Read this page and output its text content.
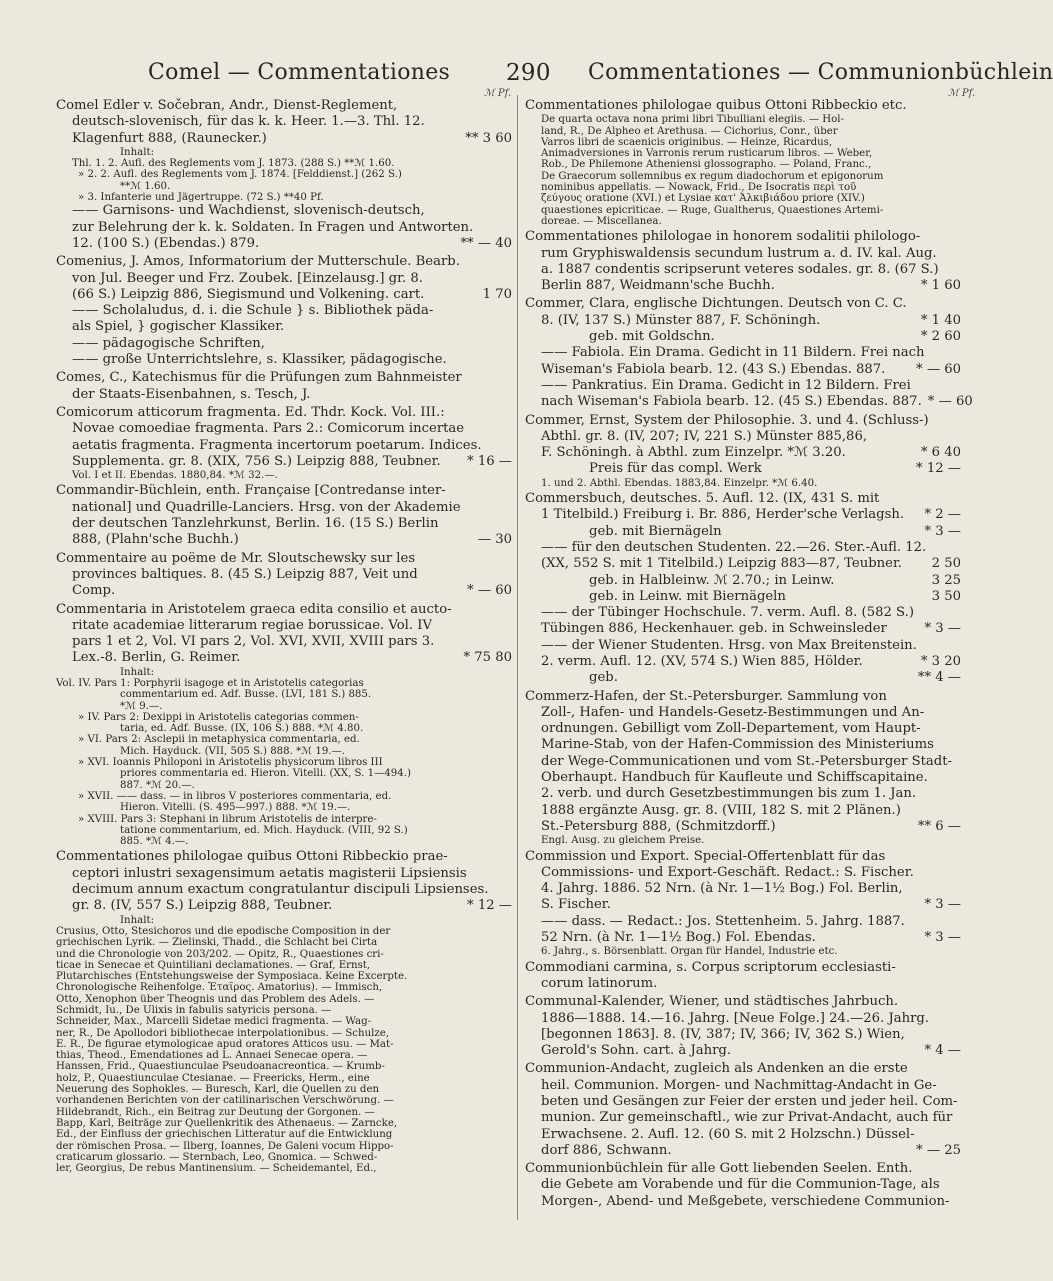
Comel — Commentationes 290 Commentationes — Communionbüchlein
ℳ Pf.	ℳ Pf.
Comel Edler v. Sočebran, Andr., Dienst-Reglement,
deutsch-slovenisch, für das k. k. Heer. 1.—3. Thl. 12.
Klagenfurt 888, (Raunecker.)	** 3 60
Inhalt:
Thl. 1. 2. Aufl. des Reglements vom J. 1873. (288 S.) **ℳ 1.60.
» 2. 2. Aufl. des Reglements vom J. 1874. [Felddienst.] (262 S.)
**ℳ 1.60.
» 3. Infanterie und Jägertruppe. (72 S.) **40 Pf.
—— Garnisons- und Wachdienst, slovenisch-deutsch,
zur Belehrung der k. k. Soldaten. In Fragen und Antworten.
12. (100 S.) (Ebendas.) 879.	** — 40
Comenius, J. Amos, Informatorium der Mutterschule. Bearb.
von Jul. Beeger und Frz. Zoubek. [Einzelausg.] gr. 8.
(66 S.) Leipzig 886, Siegismund und Volkening. cart.	1 70
—— Scholaludus, d. i. die Schule } s. Bibliothek päda-
als Spiel, } gogischer Klassiker.
—— pädagogische Schriften,
—— große Unterrichtslehre, s. Klassiker, pädagogische.
Comes, C., Katechismus für die Prüfungen zum Bahnmeister
der Staats-Eisenbahnen, s. Tesch, J.
Comicorum atticorum fragmenta. Ed. Thdr. Kock. Vol. III.:
Novae comoediae fragmenta. Pars 2.: Comicorum incertae
aetatis fragmenta. Fragmenta incertorum poetarum. Indices.
Supplementa. gr. 8. (XIX, 756 S.) Leipzig 888, Teubner.	* 16 —
Vol. I et II. Ebendas. 1880,84. *ℳ 32.—.
Commandir-Büchlein, enth. Française [Contredanse inter-
national] und Quadrille-Lanciers. Hrsg. von der Akademie
der deutschen Tanzlehrkunst, Berlin. 16. (15 S.) Berlin
888, (Plahn'sche Buchh.)	— 30
Commentaire au poëme de Mr. Sloutschewsky sur les
provinces baltiques. 8. (45 S.) Leipzig 887, Veit und
Comp.	* — 60
Commentaria in Aristotelem graeca edita consilio et aucto-
ritate academiae litterarum regiae borussicae. Vol. IV
pars 1 et 2, Vol. VI pars 2, Vol. XVI, XVII, XVIII pars 3.
Lex.-8. Berlin, G. Reimer.	* 75 80
Inhalt:
Vol. IV. Pars 1: Porphyrii isagoge et in Aristotelis categorias
commentarium ed. Adf. Busse. (LVI, 181 S.) 885.
*ℳ 9.—.
» IV. Pars 2: Dexippi in Aristotelis categorias commen-
taria, ed. Adf. Busse. (IX, 106 S.) 888. *ℳ 4.80.
» VI. Pars 2: Asclepii in metaphysica commentaria, ed.
Mich. Hayduck. (VII, 505 S.) 888. *ℳ 19.—.
» XVI. Ioannis Philoponi in Aristotelis physicorum libros III
priores commentaria ed. Hieron. Vitelli. (XX, S. 1—494.)
887. *ℳ 20.—.
» XVII. —— dass. — in libros V posteriores commentaria, ed.
Hieron. Vitelli. (S. 495—997.) 888. *ℳ 19.—.
» XVIII. Pars 3: Stephani in librum Aristotelis de interpre-
tatione commentarium, ed. Mich. Hayduck. (VIII, 92 S.)
885. *ℳ 4.—.
Commentationes philologae quibus Ottoni Ribbeckio prae-
ceptori inlustri sexagensimum aetatis magisterii Lipsiensis
decimum annum exactum congratulantur discipuli Lipsienses.
gr. 8. (IV, 557 S.) Leipzig 888, Teubner.	* 12 —
Inhalt:
Crusius, Otto, Stesichoros und die epodische Composition in der
griechischen Lyrik. — Zielinski, Thadd., die Schlacht bei Cirta
und die Chronologie von 203/202. — Opitz, R., Quaestiones cri-
ticae in Senecae et Quintiliani declamationes. — Graf, Ernst,
Plutarchisches (Entstehungsweise der Symposiaca. Keine Excerpte.
Chronologische Reihenfolge. Ἑταῖρος. Amatorius). — Immisch,
Otto, Xenophon über Theognis und das Problem des Adels. —
Schmidt, Iu., De Ulixis in fabulis satyricis persona. —
Schneider, Max., Marcelli Sidetae medici fragmenta. — Wag-
ner, R., De Apollodori bibliothecae interpolationibus. — Schulze,
E. R., De figurae etymologicae apud oratores Atticos usu. — Mat-
thias, Theod., Emendationes ad L. Annaei Senecae opera. —
Hanssen, Frid., Quaestiunculae Pseudoanacreontica. — Krumb-
holz, P., Quaestiunculae Ctesianae. — Freericks, Herm., eine
Neuerung des Sophokles. — Buresch, Karl, die Quellen zu den
vorhandenen Berichten von der catilinarischen Verschwörung. —
Hildebrandt, Rich., ein Beitrag zur Deutung der Gorgonen. —
Bapp, Karl, Beiträge zur Quellenkritik des Athenaeus. — Zarncke,
Ed., der Einfluss der griechischen Litteratur auf die Entwicklung
der römischen Prosa. — Ilberg, Ioannes, De Galeni vocum Hippo-
craticarum glossario. — Sternbach, Leo, Gnomica. — Schwed-
ler, Georgius, De rebus Mantinensium. — Scheidemantel, Ed.,
Commentationes philologae quibus Ottoni Ribbeckio etc.
De quarta octava nona primi libri Tibulliani elegiis. — Hol-
land, R., De Alpheo et Arethusa. — Cichorius, Conr., über
Varros libri de scaenicis originibus. — Heinze, Ricardus,
Animadversiones in Varronis rerum rusticarum libros. — Weber,
Rob., De Philemone Atheniensi glossographo. — Poland, Franc.,
De Graecorum sollemnibus ex regum diadochorum et epigonorum
nominibus appellatis. — Nowack, Frid., De Isocratis περὶ τοῦ
ζεύγους oratione (XVI.) et Lysiae κατ' Ἀλκιβιάδου priore (XIV.)
quaestiones epicriticae. — Ruge, Gualtherus, Quaestiones Artemi-
doreae. — Miscellanea.
Commentationes philologae in honorem sodalitii philologo-
rum Gryphiswaldensis secundum lustrum a. d. IV. kal. Aug.
a. 1887 condentis scripserunt veteres sodales. gr. 8. (67 S.)
Berlin 887, Weidmann'sche Buchh.	* 1 60
Commer, Clara, englische Dichtungen. Deutsch von C. C.
8. (IV, 137 S.) Münster 887, F. Schöningh.	* 1 40
geb. mit Goldschn.	* 2 60
—— Fabiola. Ein Drama. Gedicht in 11 Bildern. Frei nach
Wiseman's Fabiola bearb. 12. (43 S.) Ebendas. 887.	* — 60
—— Pankratius. Ein Drama. Gedicht in 12 Bildern. Frei
nach Wiseman's Fabiola bearb. 12. (45 S.) Ebendas. 887. * — 60
Commer, Ernst, System der Philosophie. 3. und 4. (Schluss-)
Abthl. gr. 8. (IV, 207; IV, 221 S.) Münster 885,86,
F. Schöningh. à Abthl. zum Einzelpr. *ℳ 3.20.	* 6 40
Preis für das compl. Werk	* 12 —
1. und 2. Abthl. Ebendas. 1883,84. Einzelpr. *ℳ 6.40.
Commersbuch, deutsches. 5. Aufl. 12. (IX, 431 S. mit
1 Titelbild.) Freiburg i. Br. 886, Herder'sche Verlagsh.	* 2 —
geb. mit Biernägeln	* 3 —
—— für den deutschen Studenten. 22.—26. Ster.-Aufl. 12.
(XX, 552 S. mit 1 Titelbild.) Leipzig 883—87, Teubner.	2 50
geb. in Halbleinw. ℳ 2.70.; in Leinw.	3 25
geb. in Leinw. mit Biernägeln	3 50
—— der Tübinger Hochschule. 7. verm. Aufl. 8. (582 S.)
Tübingen 886, Heckenhauer. geb. in Schweinsleder	* 3 —
—— der Wiener Studenten. Hrsg. von Max Breitenstein.
2. verm. Aufl. 12. (XV, 574 S.) Wien 885, Hölder.	* 3 20
geb.	** 4 —
Commerz-Hafen, der St.-Petersburger. Sammlung von
Zoll-, Hafen- und Handels-Gesetz-Bestimmungen und An-
ordnungen. Gebilligt vom Zoll-Departement, vom Haupt-
Marine-Stab, von der Hafen-Commission des Ministeriums
der Wege-Communicationen und vom St.-Petersburger Stadt-
Oberhaupt. Handbuch für Kaufleute und Schiffscapitaine.
2. verb. und durch Gesetzbestimmungen bis zum 1. Jan.
1888 ergänzte Ausg. gr. 8. (VIII, 182 S. mit 2 Plänen.)
St.-Petersburg 888, (Schmitzdorff.)	** 6 —
Engl. Ausg. zu gleichem Preise.
Commission und Export. Special-Offertenblatt für das
Commissions- und Export-Geschäft. Redact.: S. Fischer.
4. Jahrg. 1886. 52 Nrn. (à Nr. 1—1½ Bog.) Fol. Berlin,
S. Fischer.	* 3 —
—— dass. — Redact.: Jos. Stettenheim. 5. Jahrg. 1887.
52 Nrn. (à Nr. 1—1½ Bog.) Fol. Ebendas.	* 3 —
6. Jahrg., s. Börsenblatt. Organ für Handel, Industrie etc.
Commodiani carmina, s. Corpus scriptorum ecclesiasti-
corum latinorum.
Communal-Kalender, Wiener, und städtisches Jahrbuch.
1886—1888. 14.—16. Jahrg. [Neue Folge.] 24.—26. Jahrg.
[begonnen 1863]. 8. (IV, 387; IV, 366; IV, 362 S.) Wien,
Gerold's Sohn. cart. à Jahrg.	* 4 —
Communion-Andacht, zugleich als Andenken an die erste
heil. Communion. Morgen- und Nachmittag-Andacht in Ge-
beten und Gesängen zur Feier der ersten und jeder heil. Com-
munion. Zur gemeinschaftl., wie zur Privat-Andacht, auch für
Erwachsene. 2. Aufl. 12. (60 S. mit 2 Holzschn.) Düssel-
dorf 886, Schwann.	* — 25
Communionbüchlein für alle Gott liebenden Seelen. Enth.
die Gebete am Vorabende und für die Communion-Tage, als
Morgen-, Abend- und Meßgebete, verschiedene Communion-
